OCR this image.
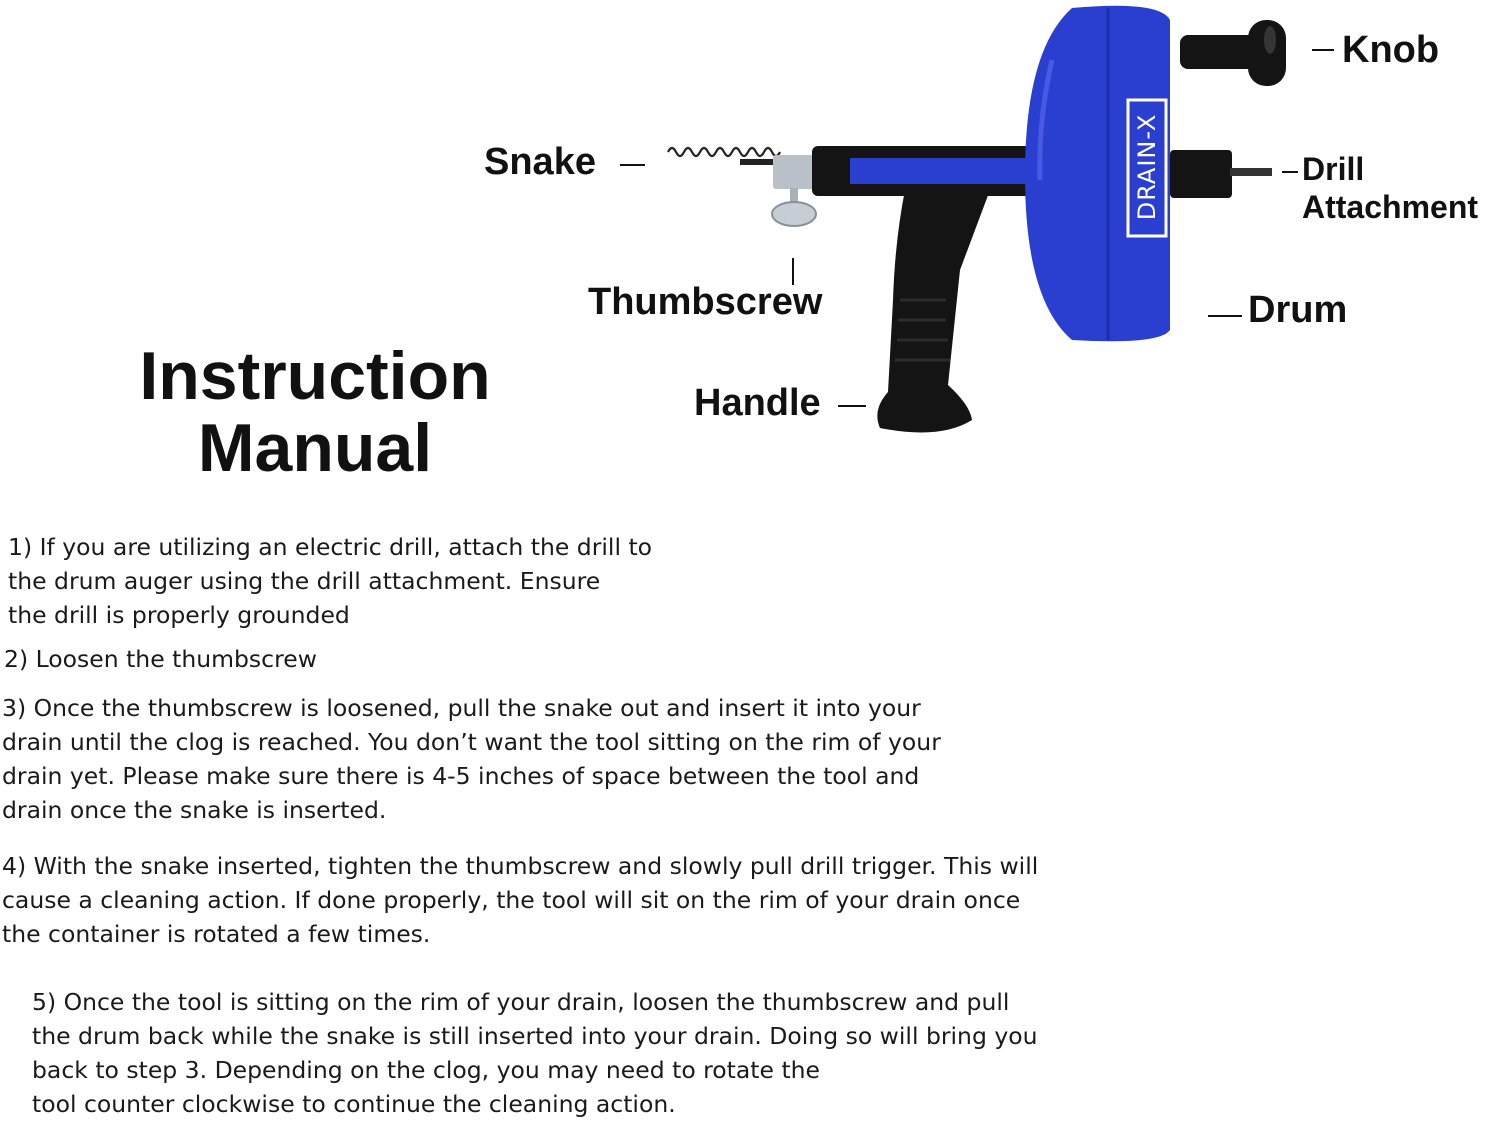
DRAIN-X
Knob
Drill
Attachment
Snake
Thumbscrew	Drum
Handle
Instruction
Manual
1) If you are utilizing an electric drill, attach the drill to
the drum auger using the drill attachment. Ensure
the drill is properly grounded
2) Loosen the thumbscrew
3) Once the thumbscrew is loosened, pull the snake out and insert it into your
drain until the clog is reached. You don’t want the tool sitting on the rim of your
drain yet. Please make sure there is 4-5 inches of space between the tool and
drain once the snake is inserted.
4) With the snake inserted, tighten the thumbscrew and slowly pull drill trigger. This will
cause a cleaning action. If done properly, the tool will sit on the rim of your drain once
the container is rotated a few times.
5) Once the tool is sitting on the rim of your drain, loosen the thumbscrew and pull
the drum back while the snake is still inserted into your drain. Doing so will bring you
back to step 3. Depending on the clog, you may need to rotate the
tool counter clockwise to continue the cleaning action.
